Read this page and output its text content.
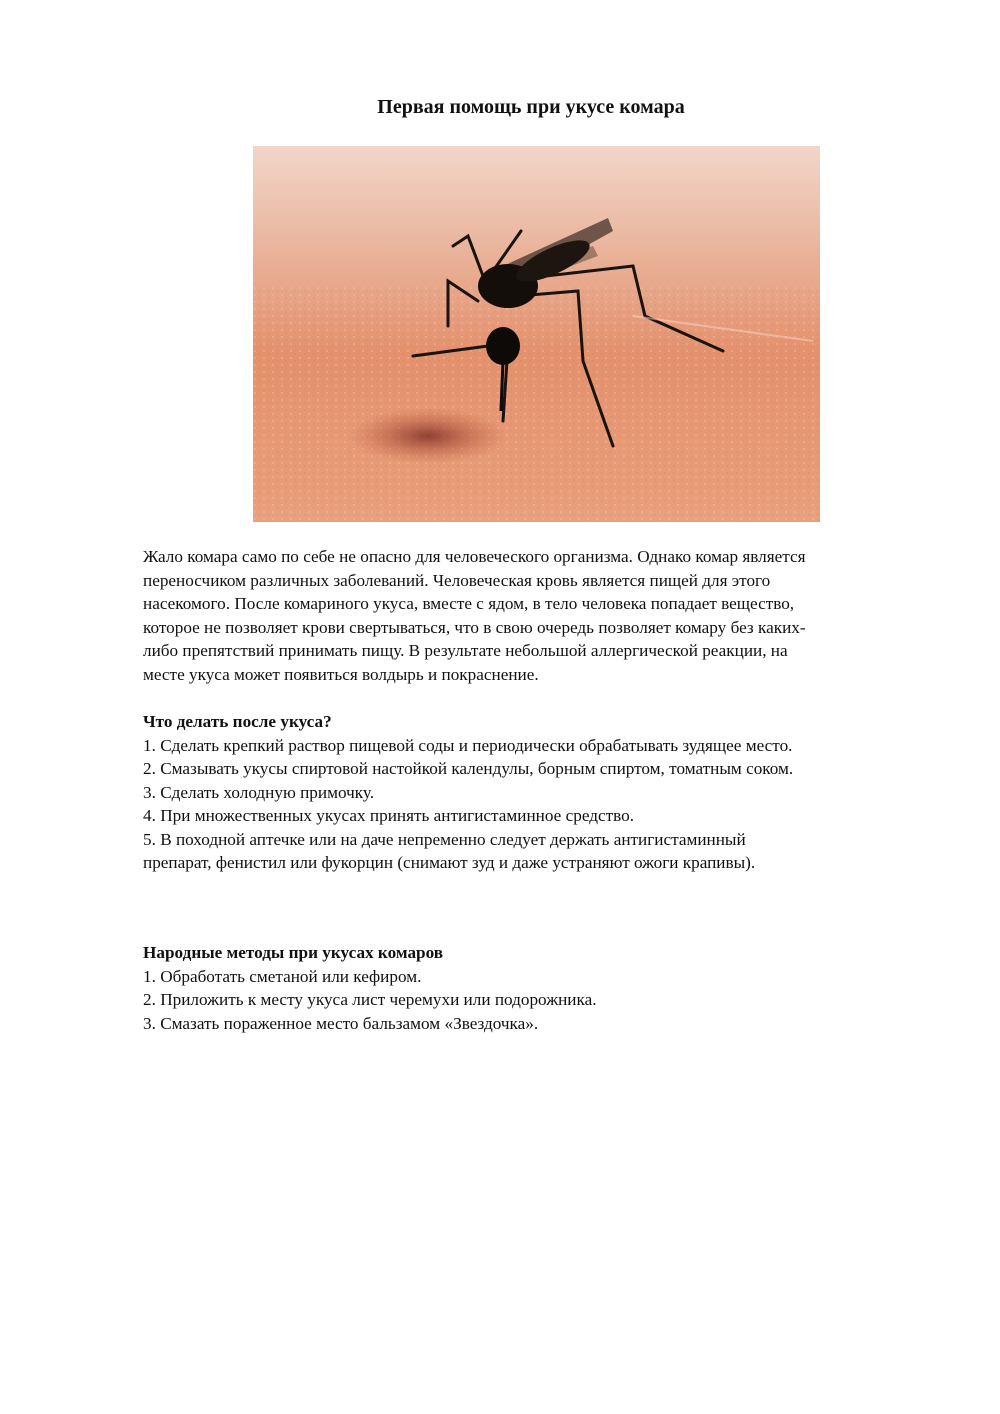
Первая помощь при укусе комара

Жало комара само по себе не опасно для человеческого организма. Однако комар является

переносчиком различных заболеваний. Человеческая кровь является пищей для этого

насекомого. После комариного укуса, вместе с ядом, в тело человека попадает вещество,

которое не позволяет крови свертываться, что в свою очередь позволяет комару без каких-

либо препятствий принимать пищу. В результате небольшой аллергической реакции, на

месте укуса может появиться волдырь и покраснение.

Что делать после укуса?
1. Сделать крепкий раствор пищевой соды и периодически обрабатывать зудящее место.
2. Смазывать укусы спиртовой настойкой календулы, борным спиртом, томатным соком.
3. Сделать холодную примочку.
4. При множественных укусах принять антигистаминное средство.
5. В походной аптечке или на даче непременно следует держать антигистаминный
препарат, фенистил или фукорцин (снимают зуд и даже устраняют ожоги крапивы).
Народные методы при укусах комаров
1. Обработать сметаной или кефиром.
2. Приложить к месту укуса лист черемухи или подорожника.
3. Смазать пораженное место бальзамом «Звездочка».
